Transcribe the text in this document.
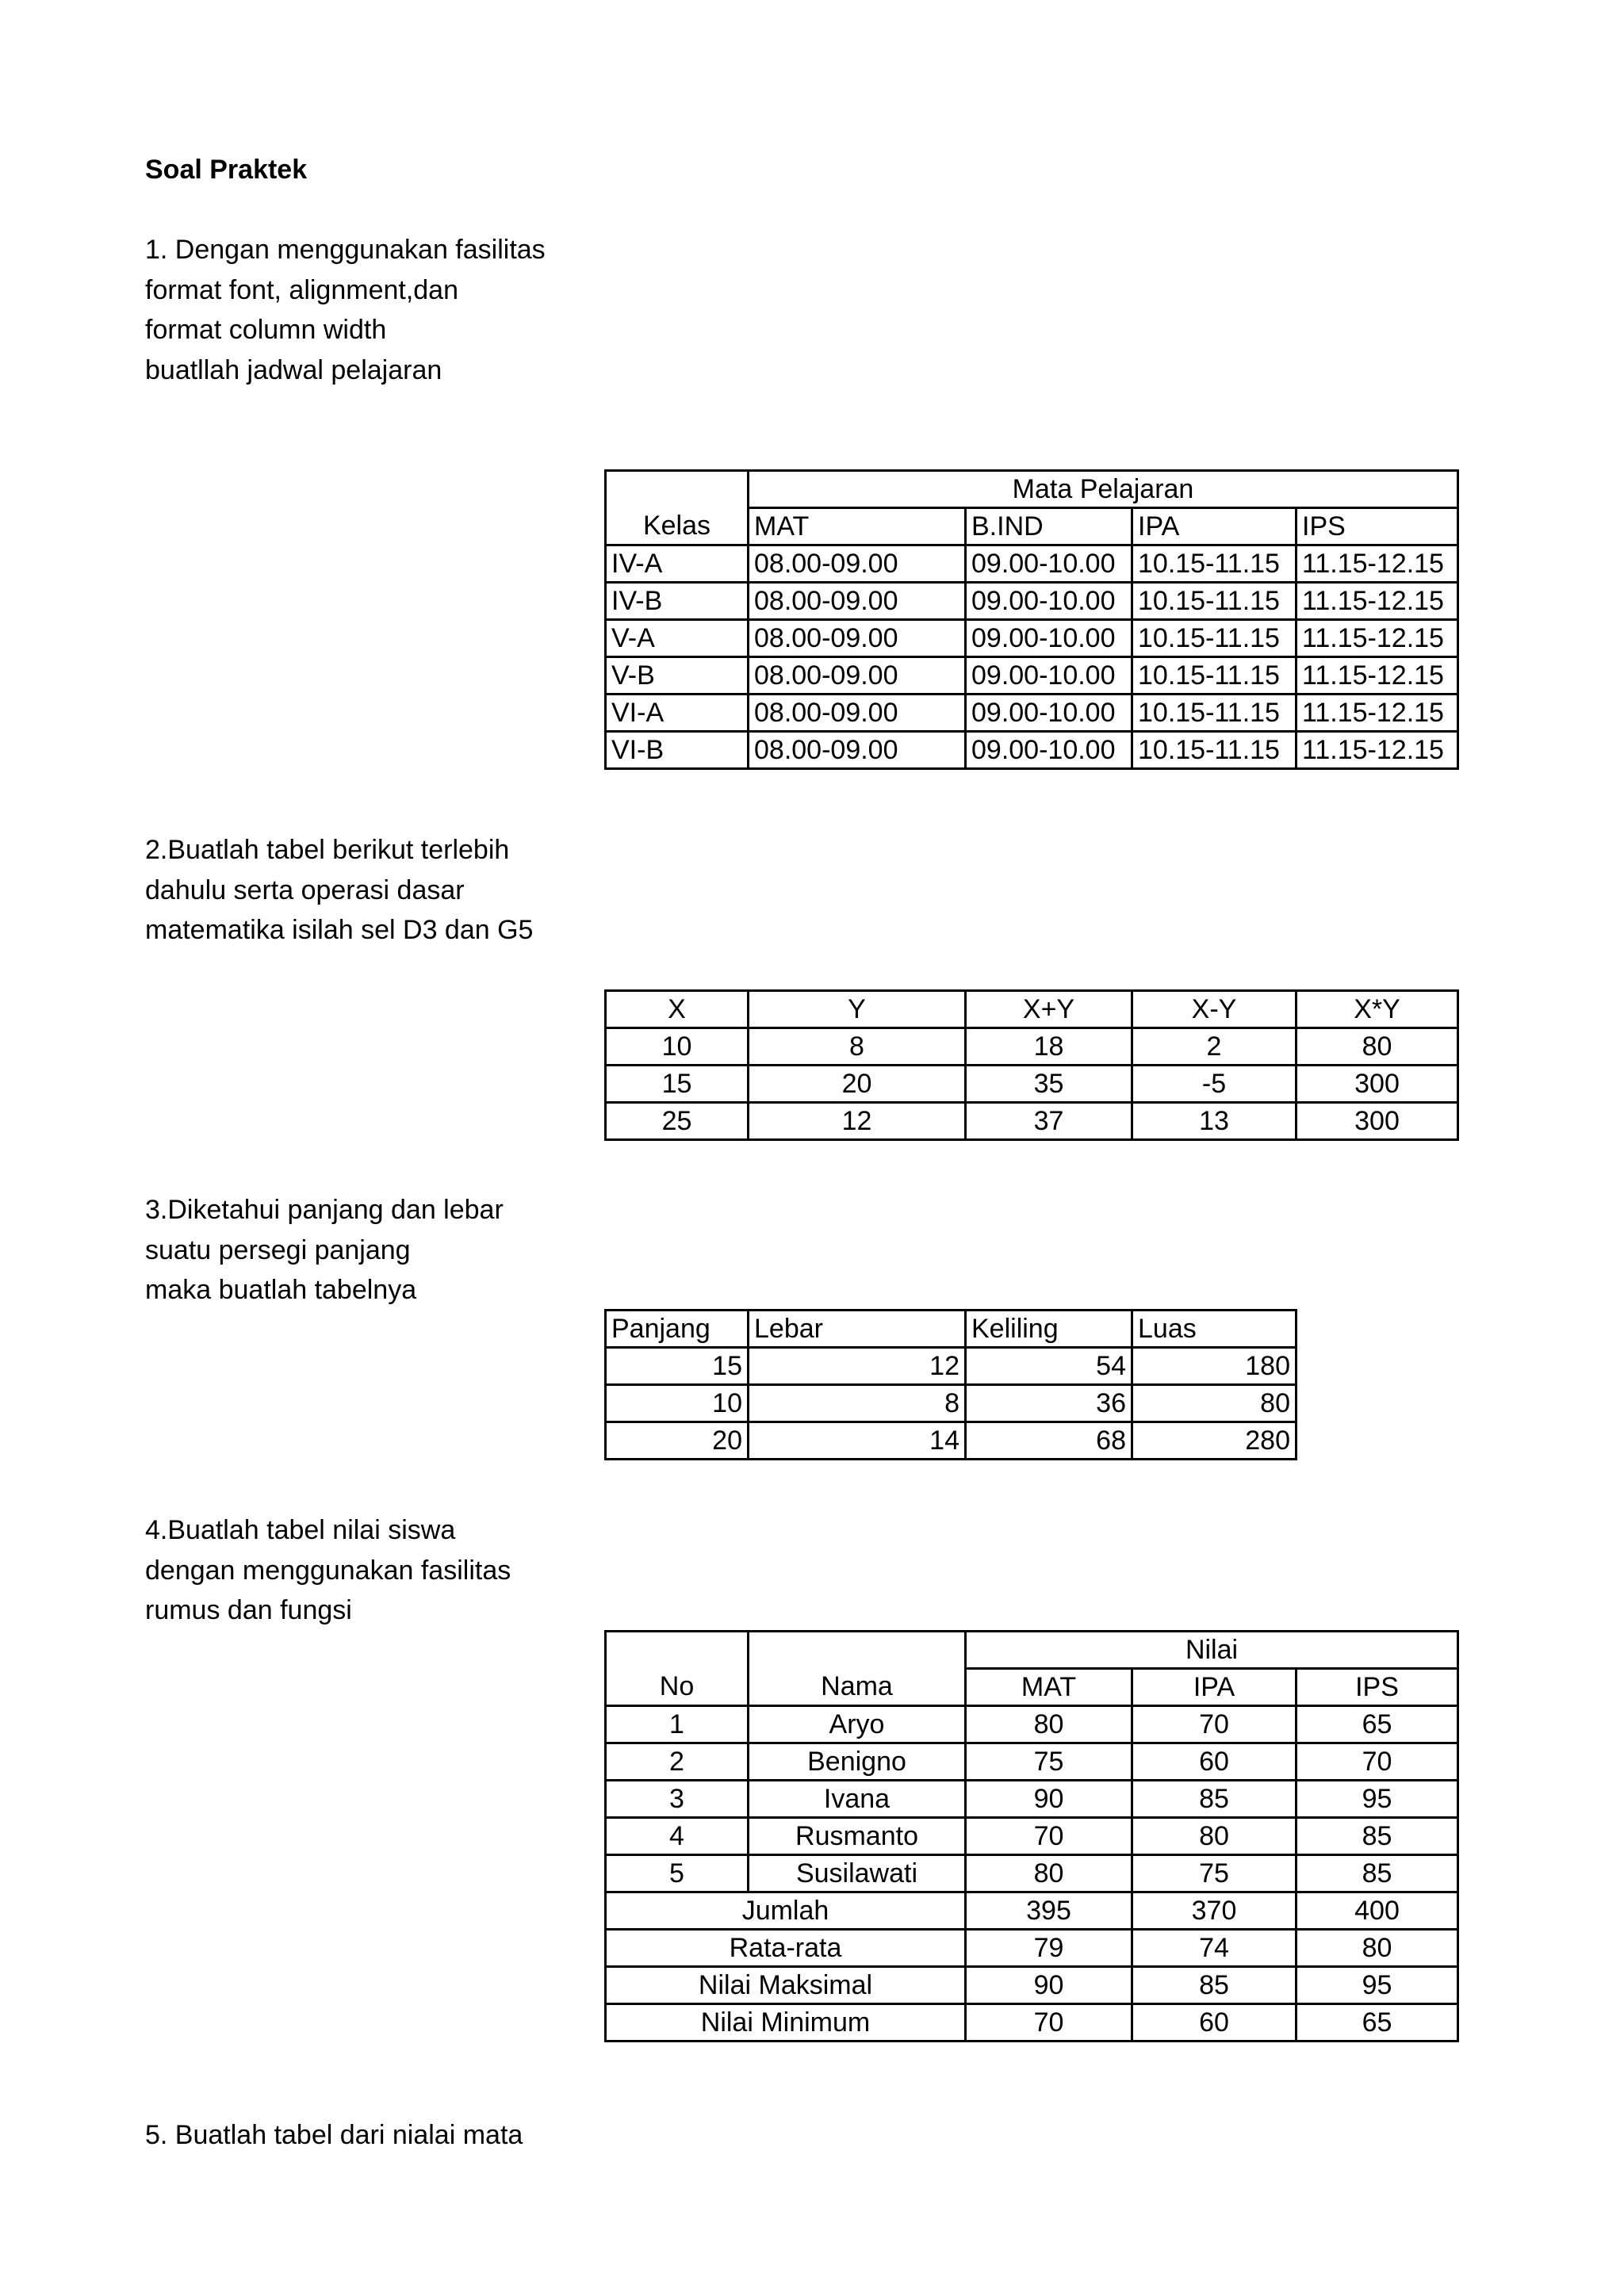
Soal Praktek
1. Dengan menggunakan fasilitas
format font, alignment,dan
format column width
buatllah jadwal pelajaran
	Mata Pelajaran			
Kelas	MAT	B.IND	IPA	IPS
IV-A	08.00-09.00	09.00-10.00	10.15-11.15	11.15-12.15
IV-B	08.00-09.00	09.00-10.00	10.15-11.15	11.15-12.15
V-A	08.00-09.00	09.00-10.00	10.15-11.15	11.15-12.15
V-B	08.00-09.00	09.00-10.00	10.15-11.15	11.15-12.15
VI-A	08.00-09.00	09.00-10.00	10.15-11.15	11.15-12.15
VI-B	08.00-09.00	09.00-10.00	10.15-11.15	11.15-12.15
2.Buatlah tabel berikut terlebih
dahulu serta operasi dasar
matematika isilah sel D3 dan G5
X	Y	X+Y	X-Y	X*Y
10	8	18	2	80
15	20	35	-5	300
25	12	37	13	300
3.Diketahui panjang dan lebar
suatu persegi panjang
maka buatlah tabelnya
Panjang	Lebar	Keliling	Luas
15	12	54	180
10	8	36	80
20	14	68	280
4.Buatlah tabel nilai siswa
dengan menggunakan fasilitas
rumus dan fungsi
		Nilai		
No	Nama	MAT	IPA	IPS
1	Aryo	80	70	65
2	Benigno	75	60	70
3	Ivana	90	85	95
4	Rusmanto	70	80	85
5	Susilawati	80	75	85
Jumlah		395	370	400
Rata-rata		79	74	80
Nilai Maksimal		90	85	95
Nilai Minimum		70	60	65
5. Buatlah tabel dari nialai mata
